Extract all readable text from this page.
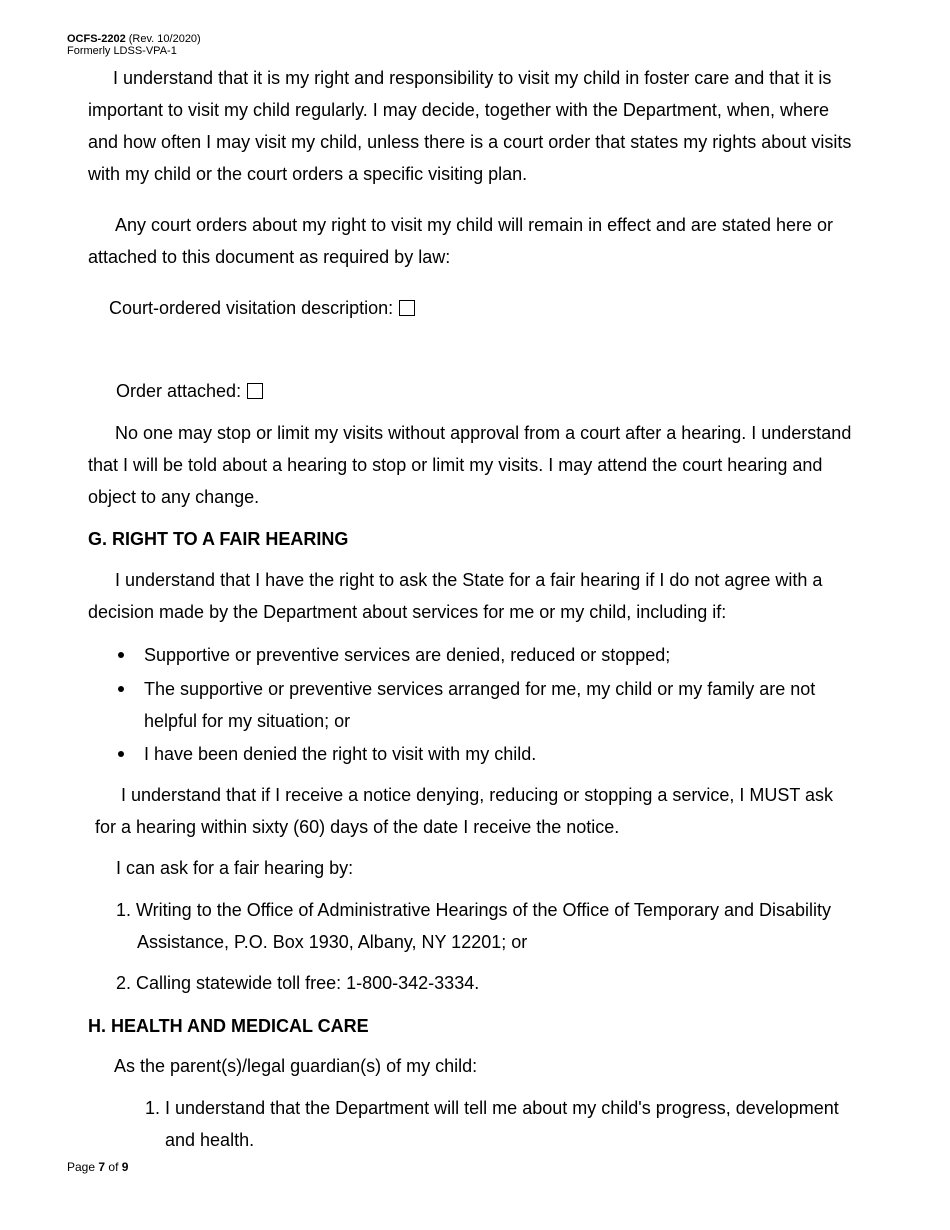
OCFS-2202 (Rev. 10/2020)
Formerly LDSS-VPA-1
I understand that it is my right and responsibility to visit my child in foster care and that it is
important to visit my child regularly. I may decide, together with the Department, when, where
and how often I may visit my child, unless there is a court order that states my rights about visits
with my child or the court orders a specific visiting plan.
Any court orders about my right to visit my child will remain in effect and are stated here or
attached to this document as required by law:
Court-ordered visitation description:
Order attached:
No one may stop or limit my visits without approval from a court after a hearing. I understand
that I will be told about a hearing to stop or limit my visits. I may attend the court hearing and
object to any change.
G. RIGHT TO A FAIR HEARING
I understand that I have the right to ask the State for a fair hearing if I do not agree with a
decision made by the Department about services for me or my child, including if:
Supportive or preventive services are denied, reduced or stopped;
The supportive or preventive services arranged for me, my child or my family are not
helpful for my situation; or
I have been denied the right to visit with my child.
I understand that if I receive a notice denying, reducing or stopping a service, I MUST ask
for a hearing within sixty (60) days of the date I receive the notice.
I can ask for a fair hearing by:
1. Writing to the Office of Administrative Hearings of the Office of Temporary and Disability
Assistance, P.O. Box 1930, Albany, NY 12201; or
2. Calling statewide toll free: 1-800-342-3334.
H. HEALTH AND MEDICAL CARE
As the parent(s)/legal guardian(s) of my child:
1. I understand that the Department will tell me about my child's progress, development
and health.
Page 7 of 9
